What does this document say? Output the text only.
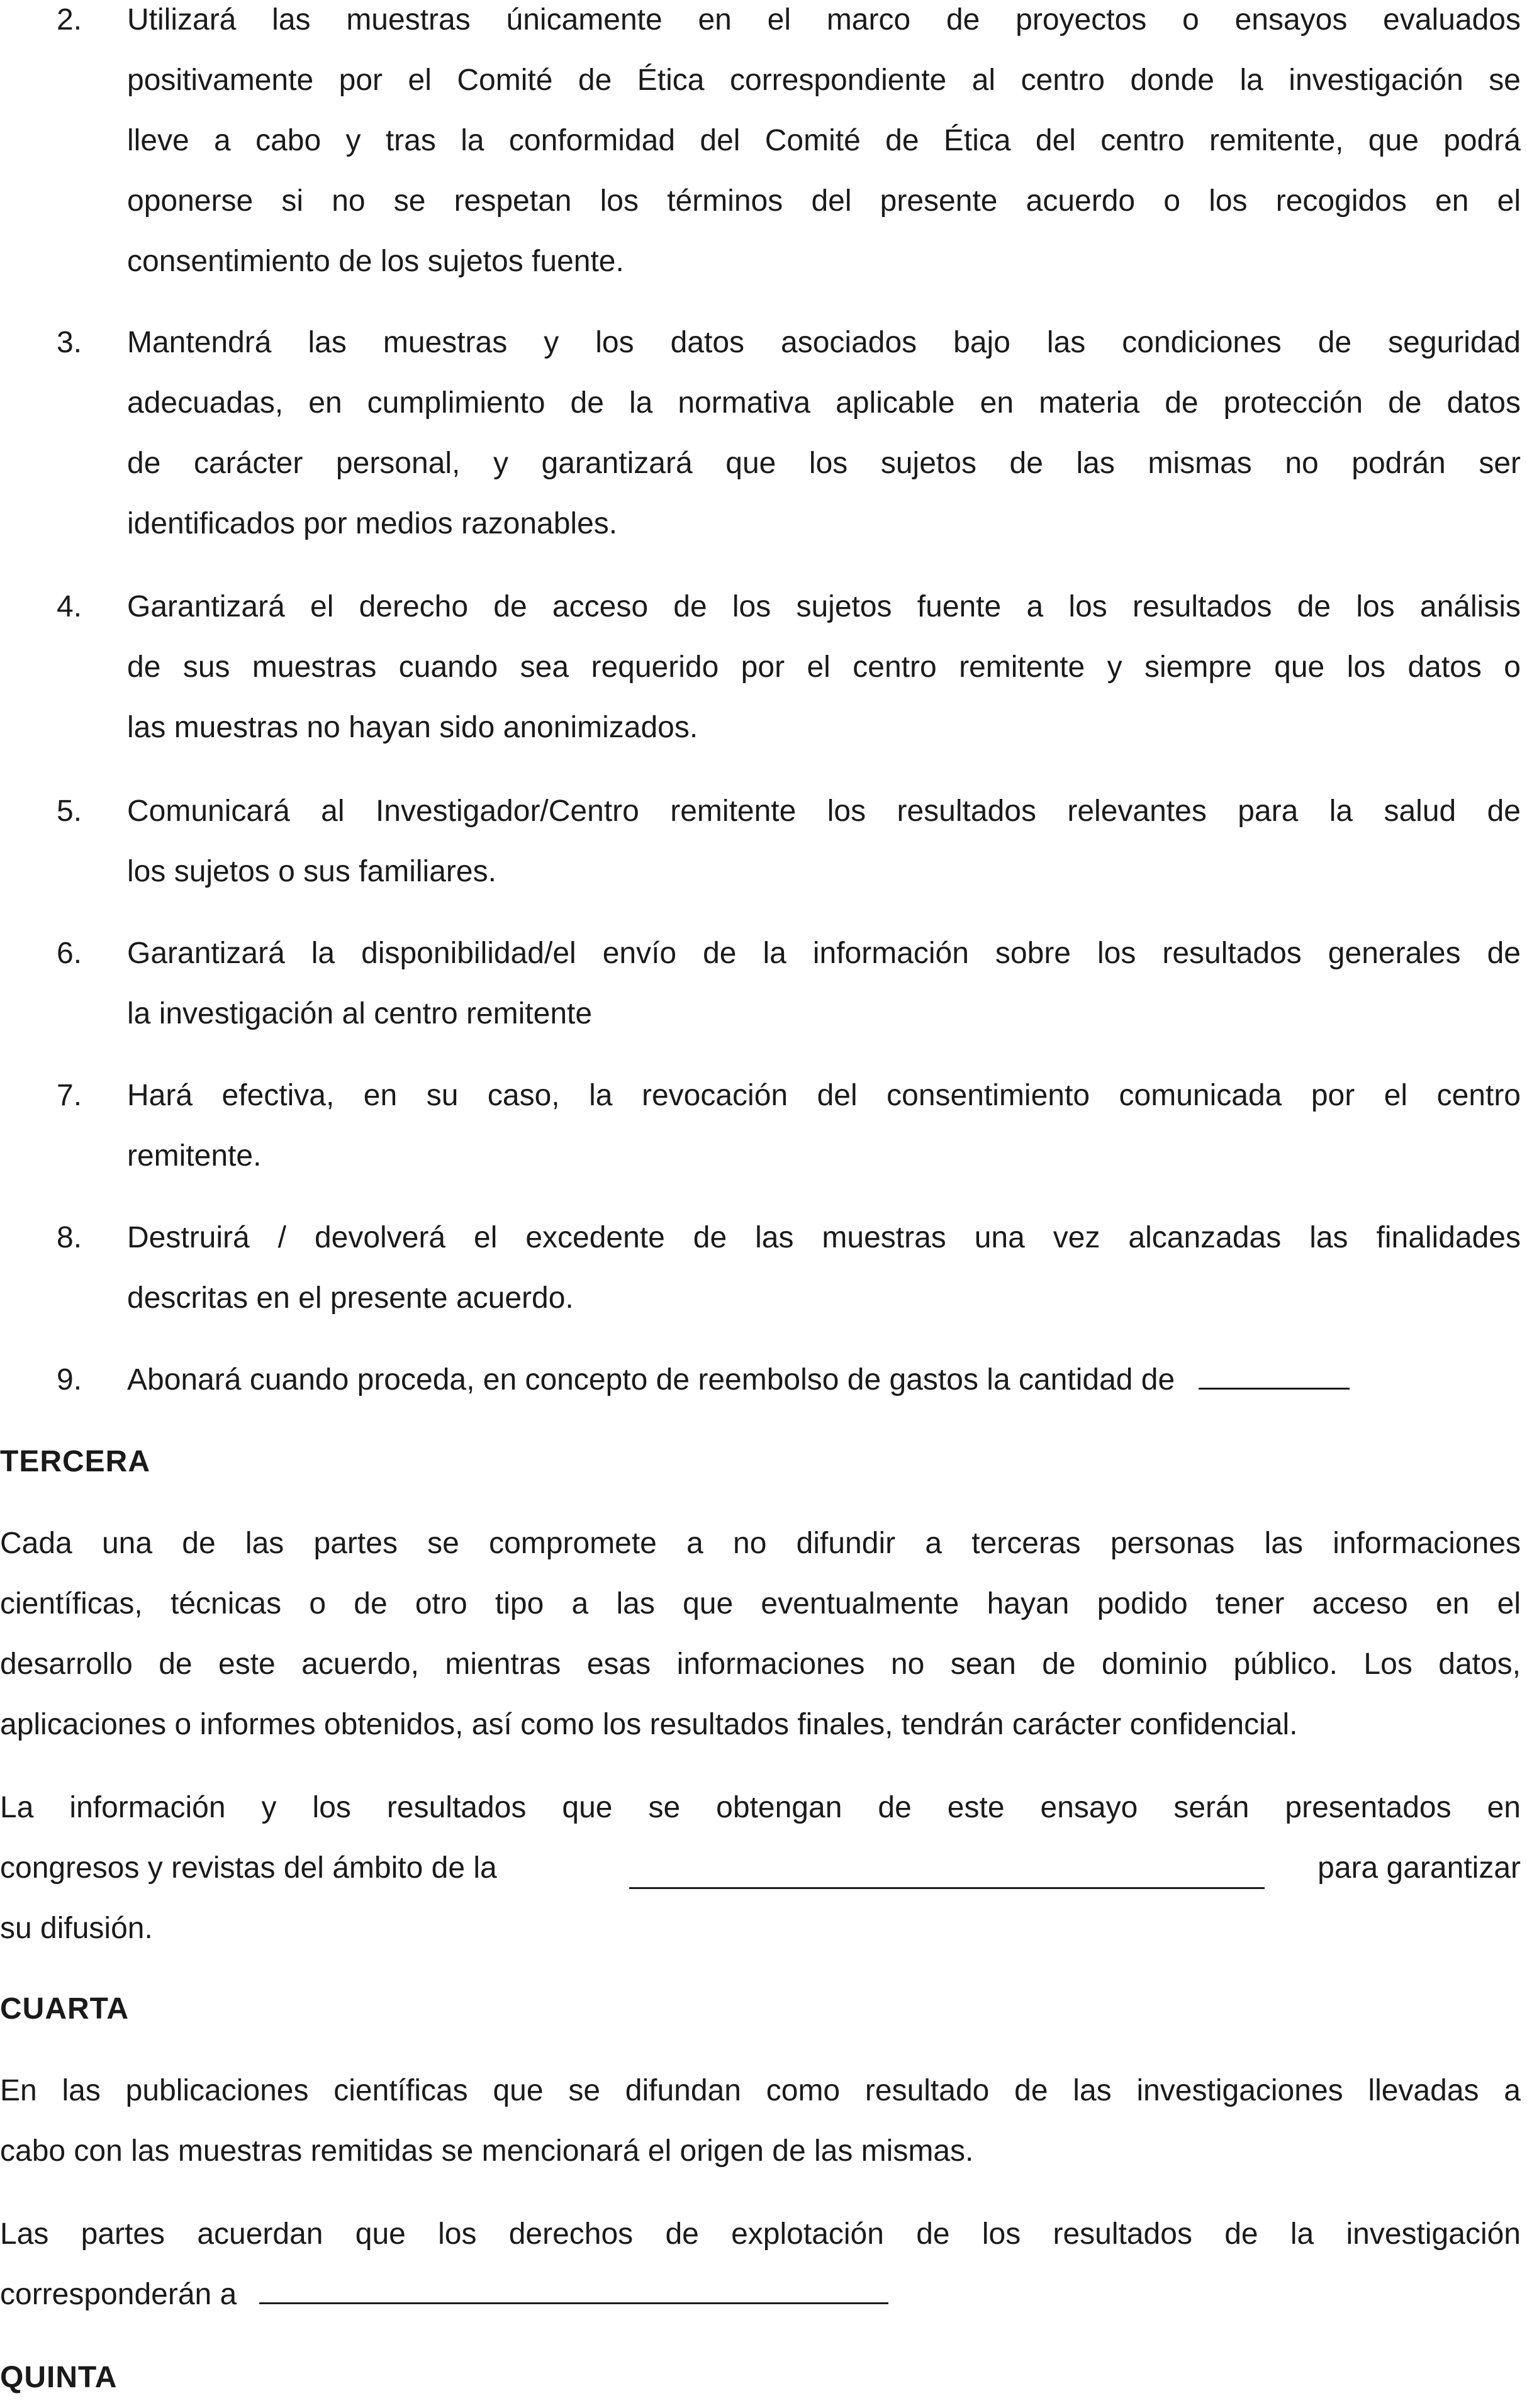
2.	Utilizará las muestras únicamente en el marco de proyectos o ensayos evaluados
positivamente por el Comité de Ética correspondiente al centro donde la investigación se
lleve a cabo y tras la conformidad del Comité de Ética del centro remitente, que podrá
oponerse si no se respetan los términos del presente acuerdo o los recogidos en el
consentimiento de los sujetos fuente.
3.	Mantendrá las muestras y los datos asociados bajo las condiciones de seguridad
adecuadas, en cumplimiento de la normativa aplicable en materia de protección de datos
de carácter personal, y garantizará que los sujetos de las mismas no podrán ser
identificados por medios razonables.
4.	Garantizará el derecho de acceso de los sujetos fuente a los resultados de los análisis
de sus muestras cuando sea requerido por el centro remitente y siempre que los datos o
las muestras no hayan sido anonimizados.
5.	Comunicará al Investigador/Centro remitente los resultados relevantes para la salud de
los sujetos o sus familiares.
6.	Garantizará la disponibilidad/el envío de la información sobre los resultados generales de
la investigación al centro remitente
7.	Hará efectiva, en su caso, la revocación del consentimiento comunicada por el centro
remitente.
8.	Destruirá / devolverá el excedente de las muestras una vez alcanzadas las finalidades
descritas en el presente acuerdo.
9.	Abonará cuando proceda, en concepto de reembolso de gastos la cantidad de
TERCERA
Cada una de las partes se compromete a no difundir a terceras personas las informaciones
científicas, técnicas o de otro tipo a las que eventualmente hayan podido tener acceso en el
desarrollo de este acuerdo, mientras esas informaciones no sean de dominio público. Los datos,
aplicaciones o informes obtenidos, así como los resultados finales, tendrán carácter confidencial.
La información y los resultados que se obtengan de este ensayo serán presentados en
congresos y revistas del ámbito de la	para garantizar
su difusión.
CUARTA
En las publicaciones científicas que se difundan como resultado de las investigaciones llevadas a
cabo con las muestras remitidas se mencionará el origen de las mismas.
Las partes acuerdan que los derechos de explotación de los resultados de la investigación
corresponderán a
QUINTA
